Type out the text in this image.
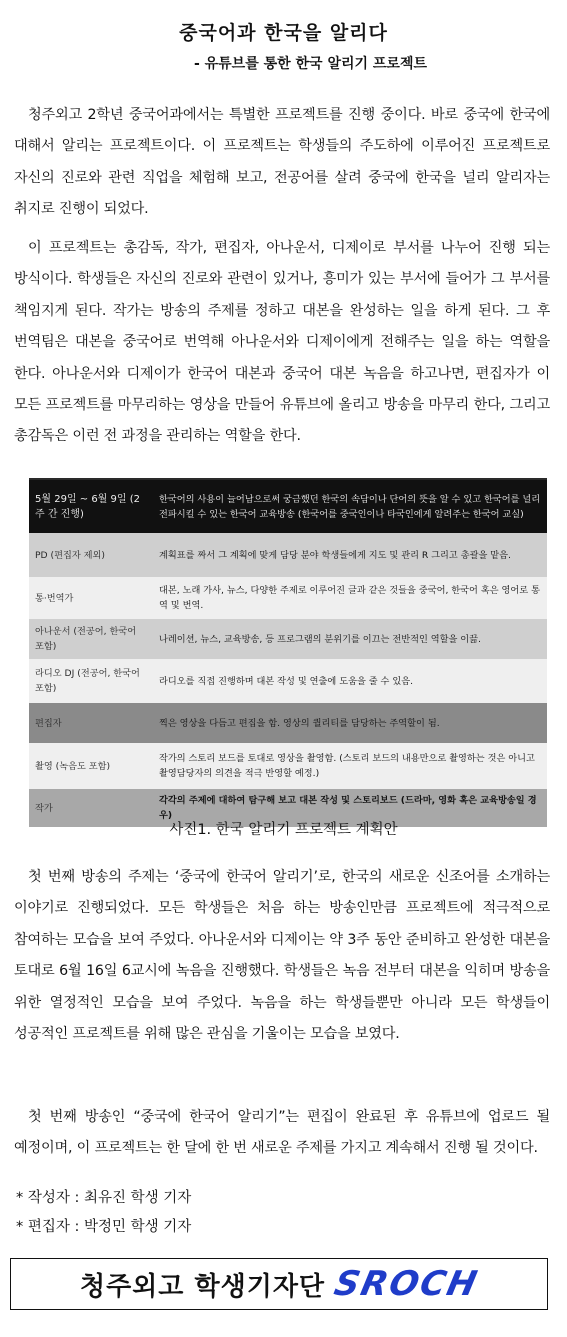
중국어과 한국을 알리다
- 유튜브를 통한 한국 알리기 프로젝트

청주외고 2학년 중국어과에서는 특별한 프로젝트를 진행 중이다. 바로 중국에 한국에 대해서 알리는 프로젝트이다. 이 프로젝트는 학생들의 주도하에 이루어진 프로젝트로 자신의 진로와 관련 직업을 체험해 보고, 전공어를 살려 중국에 한국을 널리 알리자는 취지로 진행이 되었다.

이 프로젝트는 총감독, 작가, 편집자, 아나운서, 디제이로 부서를 나누어 진행 되는 방식이다. 학생들은 자신의 진로와 관련이 있거나, 흥미가 있는 부서에 들어가 그 부서를 책임지게 된다. 작가는 방송의 주제를 정하고 대본을 완성하는 일을 하게 된다. 그 후 번역팀은 대본을 중국어로 번역해 아나운서와 디제이에게 전해주는 일을 하는 역할을 한다. 아나운서와 디제이가 한국어 대본과 중국어 대본 녹음을 하고나면, 편집자가 이 모든 프로젝트를 마무리하는 영상을 만들어 유튜브에 올리고 방송을 마무리 한다, 그리고 총감독은 이런 전 과정을 관리하는 역할을 한다.

5월 29일 ~ 6월 9일 (2주 간 진행)	한국어의 사용이 늘어남으로써 궁금했던 한국의 속담이나 단어의 뜻을 알 수 있고 한국어를 널리 전파시킬 수 있는 한국어 교육방송 (한국어를 중국인이나 타국인에게 알려주는 한국어 교실)
PD (편집자 제외)	계획표를 짜서 그 계획에 맞게 담당 분야 학생들에게 지도 및 관리 R 그리고 총괄을 맡음.
통·번역가	대본, 노래 가사, 뉴스, 다양한 주제로 이루어진 글과 같은 것들을 중국어, 한국어 혹은 영어로 통역 및 번역.
아나운서 (전공어, 한국어 포함)	나레이션, 뉴스, 교육방송, 등 프로그램의 분위기를 이끄는 전반적인 역할을 이끎.
라디오 DJ (전공어, 한국어 포함)	라디오를 직접 진행하며 대본 작성 및 연출에 도움을 줄 수 있음.
편집자	찍은 영상을 다듬고 편집을 함. 영상의 퀄리티를 담당하는 주역할이 됨.
촬영 (녹음도 포함)	작가의 스토리 보드를 토대로 영상을 촬영함. (스토리 보드의 내용만으로 촬영하는 것은 아니고 촬영담당자의 의견을 적극 반영할 예정.)
작가	각각의 주제에 대하여 탐구해 보고 대본 작성 및 스토리보드 (드라마, 영화 혹은 교육방송일 경우)
사진1. 한국 알리기 프로젝트 계획안

첫 번째 방송의 주제는 ‘중국에 한국어 알리기’로, 한국의 새로운 신조어를 소개하는 이야기로 진행되었다. 모든 학생들은 처음 하는 방송인만큼 프로젝트에 적극적으로 참여하는 모습을 보여 주었다. 아나운서와 디제이는 약 3주 동안 준비하고 완성한 대본을 토대로 6월 16일 6교시에 녹음을 진행했다. 학생들은 녹음 전부터 대본을 익히며 방송을 위한 열정적인 모습을 보여 주었다. 녹음을 하는 학생들뿐만 아니라 모든 학생들이 성공적인 프로젝트를 위해 많은 관심을 기울이는 모습을 보였다.

첫 번째 방송인 “중국에 한국어 알리기”는 편집이 완료된 후 유튜브에 업로드 될 예정이며, 이 프로젝트는 한 달에 한 번 새로운 주제를 가지고 계속해서 진행 될 것이다.

* 작성자 : 최유진 학생 기자
* 편집자 : 박정민 학생 기자
청주외고 학생기자단 SROCH
